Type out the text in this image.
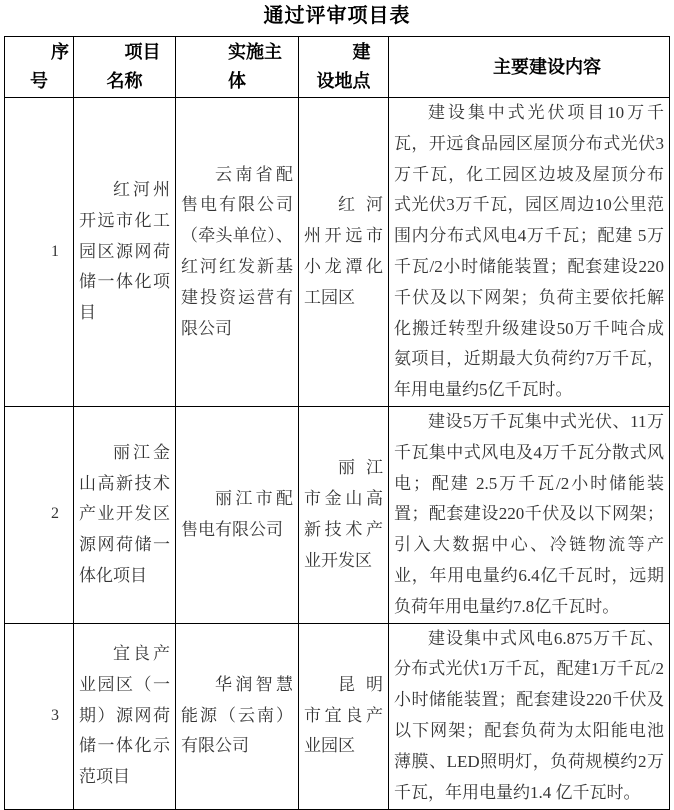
通过评审项目表
序号	项目名称	实施主体	建设地点	主要建设内容
1	红河州开远市化工园区源网荷储一体化项目	云南省配售电有限公司（牵头单位）、红河红发新基建投资运营有限公司	红河州开远市小龙潭化工园区	建设集中式光伏项目10万千瓦，开远食品园区屋顶分布式光伏3万千瓦，化工园区边坡及屋顶分布式光伏3万千瓦，园区周边10公里范围内分布式风电4万千瓦；配建 5万千瓦/2小时储能装置；配套建设220千伏及以下网架；负荷主要依托解化搬迁转型升级建设50万千吨合成氨项目，近期最大负荷约7万千瓦，年用电量约5亿千瓦时。
2	丽江金山高新技术产业开发区源网荷储一体化项目	丽江市配售电有限公司	丽江市金山高新技术产业开发区	建设5万千瓦集中式光伏、11万千瓦集中式风电及4万千瓦分散式风电；配建 2.5万千瓦/2小时储能装置；配套建设220千伏及以下网架；引入大数据中心、冷链物流等产业，年用电量约6.4亿千瓦时，远期负荷年用电量约7.8亿千瓦时。
3	宜良产业园区（一期）源网荷储一体化示范项目	华润智慧能源（云南）有限公司	昆明市宜良产业园区	建设集中式风电6.875万千瓦、分布式光伏1万千瓦，配建1万千瓦/2小时储能装置；配套建设220千伏及以下网架；配套负荷为太阳能电池薄膜、LED照明灯，负荷规模约2万千瓦，年用电量约1.4 亿千瓦时。
